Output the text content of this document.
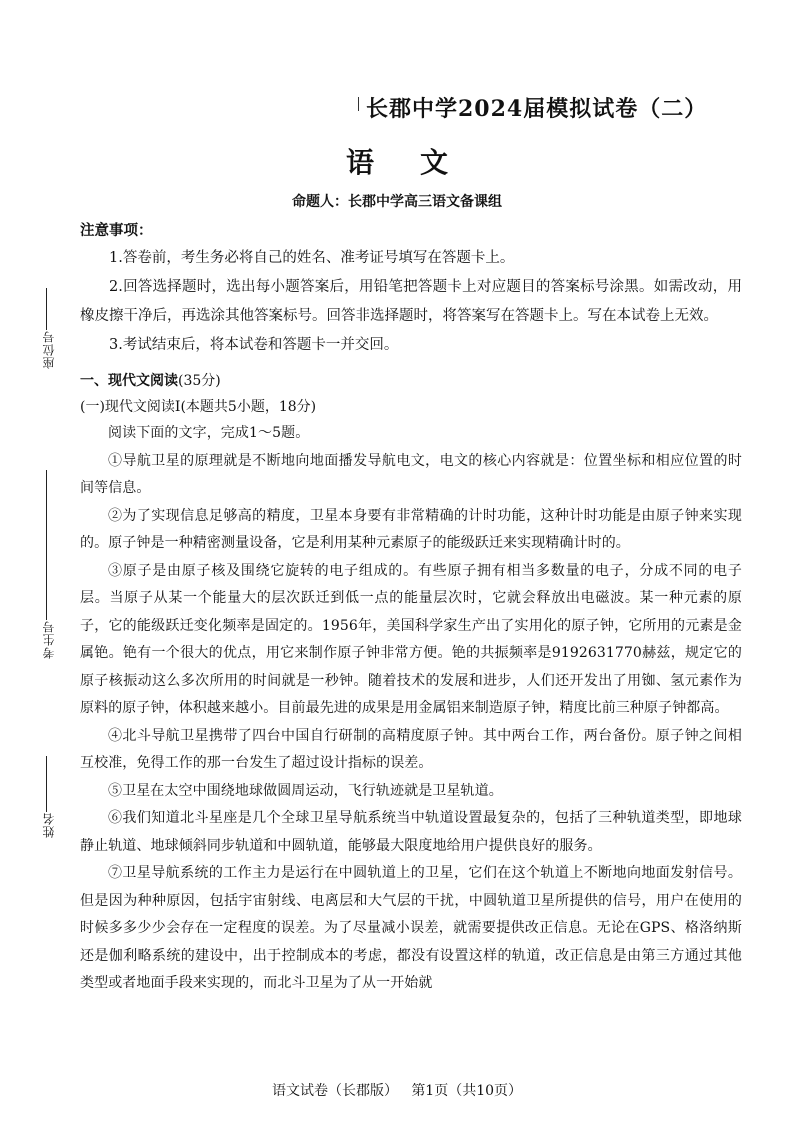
座位号
考生号
姓名
长郡中学2024届模拟试卷（二）
语文
命题人：长郡中学高三语文备课组
注意事项：

1.答卷前，考生务必将自己的姓名、准考证号填写在答题卡上。

2.回答选择题时，选出每小题答案后，用铅笔把答题卡上对应题目的答案标号涂黑。如需改动，用橡皮擦干净后，再选涂其他答案标号。回答非选择题时，将答案写在答题卡上。写在本试卷上无效。

3.考试结束后，将本试卷和答题卡一并交回。

一、现代文阅读(35分)
(一)现代文阅读Ⅰ(本题共5小题，18分)

阅读下面的文字，完成1～5题。

①导航卫星的原理就是不断地向地面播发导航电文，电文的核心内容就是：位置坐标和相应位置的时间等信息。

②为了实现信息足够高的精度，卫星本身要有非常精确的计时功能，这种计时功能是由原子钟来实现的。原子钟是一种精密测量设备，它是利用某种元素原子的能级跃迁来实现精确计时的。

③原子是由原子核及围绕它旋转的电子组成的。有些原子拥有相当多数量的电子，分成不同的电子层。当原子从某一个能量大的层次跃迁到低一点的能量层次时，它就会释放出电磁波。某一种元素的原子，它的能级跃迁变化频率是固定的。1956年，美国科学家生产出了实用化的原子钟，它所用的元素是金属铯。铯有一个很大的优点，用它来制作原子钟非常方便。铯的共振频率是9192631770赫兹，规定它的原子核振动这么多次所用的时间就是一秒钟。随着技术的发展和进步，人们还开发出了用铷、氢元素作为原料的原子钟，体积越来越小。目前最先进的成果是用金属铝来制造原子钟，精度比前三种原子钟都高。

④北斗导航卫星携带了四台中国自行研制的高精度原子钟。其中两台工作，两台备份。原子钟之间相互校准，免得工作的那一台发生了超过设计指标的误差。

⑤卫星在太空中围绕地球做圆周运动，飞行轨迹就是卫星轨道。

⑥我们知道北斗星座是几个全球卫星导航系统当中轨道设置最复杂的，包括了三种轨道类型，即地球静止轨道、地球倾斜同步轨道和中圆轨道，能够最大限度地给用户提供良好的服务。

⑦卫星导航系统的工作主力是运行在中圆轨道上的卫星，它们在这个轨道上不断地向地面发射信号。但是因为种种原因，包括宇宙射线、电离层和大气层的干扰，中圆轨道卫星所提供的信号，用户在使用的时候多多少少会存在一定程度的误差。为了尽量减小误差，就需要提供改正信息。无论在GPS、格洛纳斯还是伽利略系统的建设中，出于控制成本的考虑，都没有设置这样的轨道，改正信息是由第三方通过其他类型或者地面手段来实现的，而北斗卫星为了从一开始就

语文试卷（长郡版） 第1页（共10页）
